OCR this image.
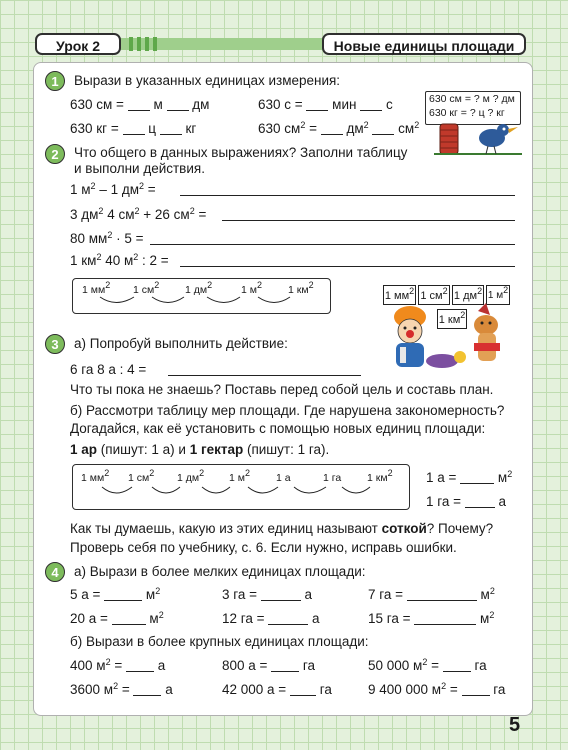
Урок 2	Новые единицы площади
1	Вырази в указанных единицах измерения:
630 см =  м  дм	630 с =  мин  с
630 кг =  ц  кг	630 $см^2 = дм^2$  $см^2$
630 см = ? м ? дм
630 кг = ? ц ? кг
2	Что общего в данных выражениях? Заполни таблицу
и выполни действия.
1 $м^2 - 1$ $дм^2$ =
3 $дм^2$ 4 $см^2 + 26$ $см^2$ =
80 $мм^2 \cdot 5$ =
1 $км^2$ 40 $м^2$ : 2 =
1 $мм^2$ 1 $см^2$ 1 $дм^2$	1 $м^2$ 1 $км^2$
1 $мм^2$ 1 $см^2$ 1 $дм^2$ 1 $м^2$
1 $км^2$
3	а) Попробуй выполнить действие:
6 га 8 а : 4 =
Что ты пока не знаешь? Поставь перед собой цель и составь план.
б) Рассмотри таблицу мер площади. Где нарушена закономерность?
Догадайся, как её установить с помощью новых единиц площади:
1 ар (пишут: 1 а) и 1 гектар (пишут: 1 га).
1 $мм^2$ 1 $см^2$ 1 $дм^2$ 1 $м^2$ 1 а	1 га 1 $км^2$ 1 а =	$м^2$
1 га =  а
Как ты думаешь, какую из этих единиц называют соткой? Почему?
Проверь себя по учебнику, с. 6. Если нужно, исправь ошибки.
4	а) Вырази в более мелких единицах площади:
5 а =	$м^2$	3 га =	а	7 га =	$м^2$
20 а =	$м^2$	12 га =	а	15 га =	$м^2$
б) Вырази в более крупных единицах площади:
400 $м^2 = а$	800 а =  га	50 000 $м^2$ =  га
3600 $м^2 = а$	42 000 а =  га	9 400 000 $м^2$ =  га
5
